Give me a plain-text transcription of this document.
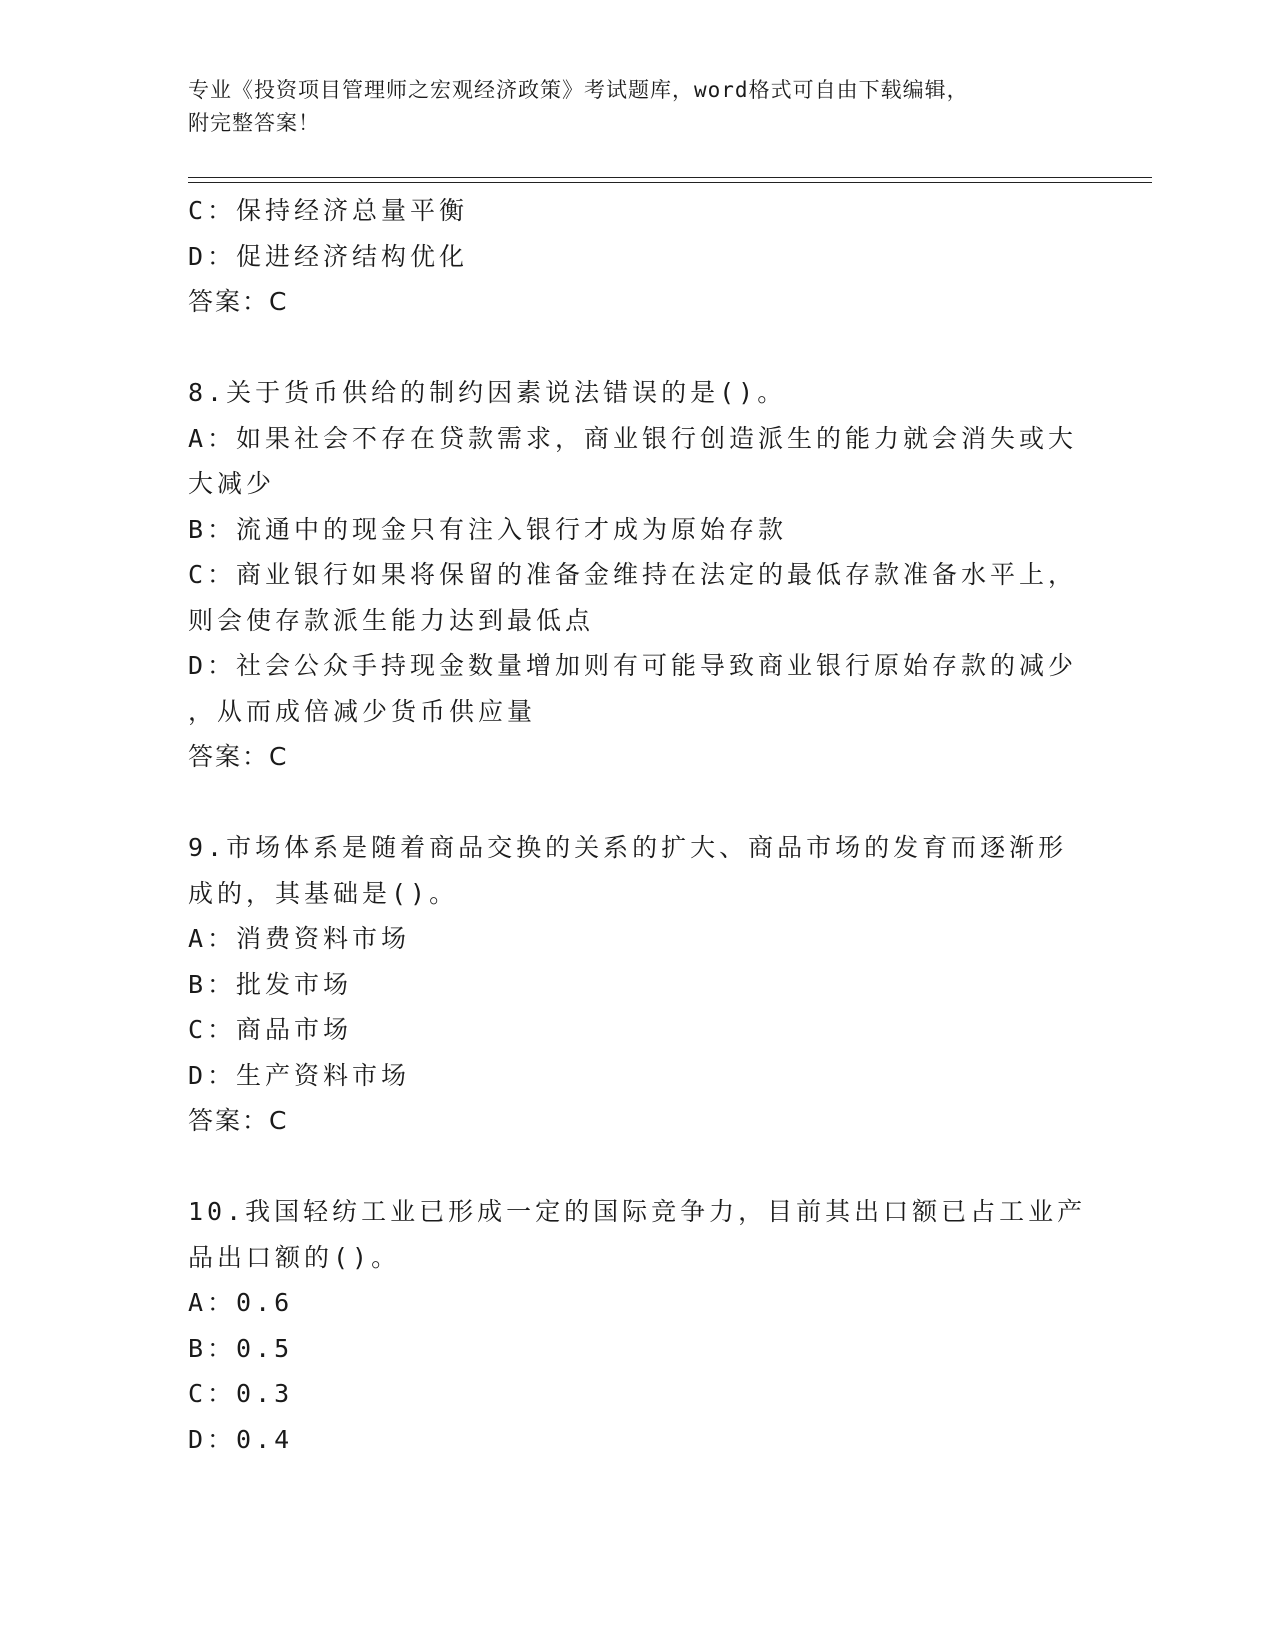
专业《投资项目管理师之宏观经济政策》考试题库，word格式可自由下载编辑，
附完整答案！
C：保持经济总量平衡
D：促进经济结构优化
答案：C
8.关于货币供给的制约因素说法错误的是()。
A：如果社会不存在贷款需求，商业银行创造派生的能力就会消失或大
大减少
B：流通中的现金只有注入银行才成为原始存款
C：商业银行如果将保留的准备金维持在法定的最低存款准备水平上，
则会使存款派生能力达到最低点
D：社会公众手持现金数量增加则有可能导致商业银行原始存款的减少
，从而成倍减少货币供应量
答案：C
9.市场体系是随着商品交换的关系的扩大、商品市场的发育而逐渐形
成的，其基础是()。
A：消费资料市场
B：批发市场
C：商品市场
D：生产资料市场
答案：C
10.我国轻纺工业已形成一定的国际竞争力，目前其出口额已占工业产
品出口额的()。
A：0.6
B：0.5
C：0.3
D：0.4
